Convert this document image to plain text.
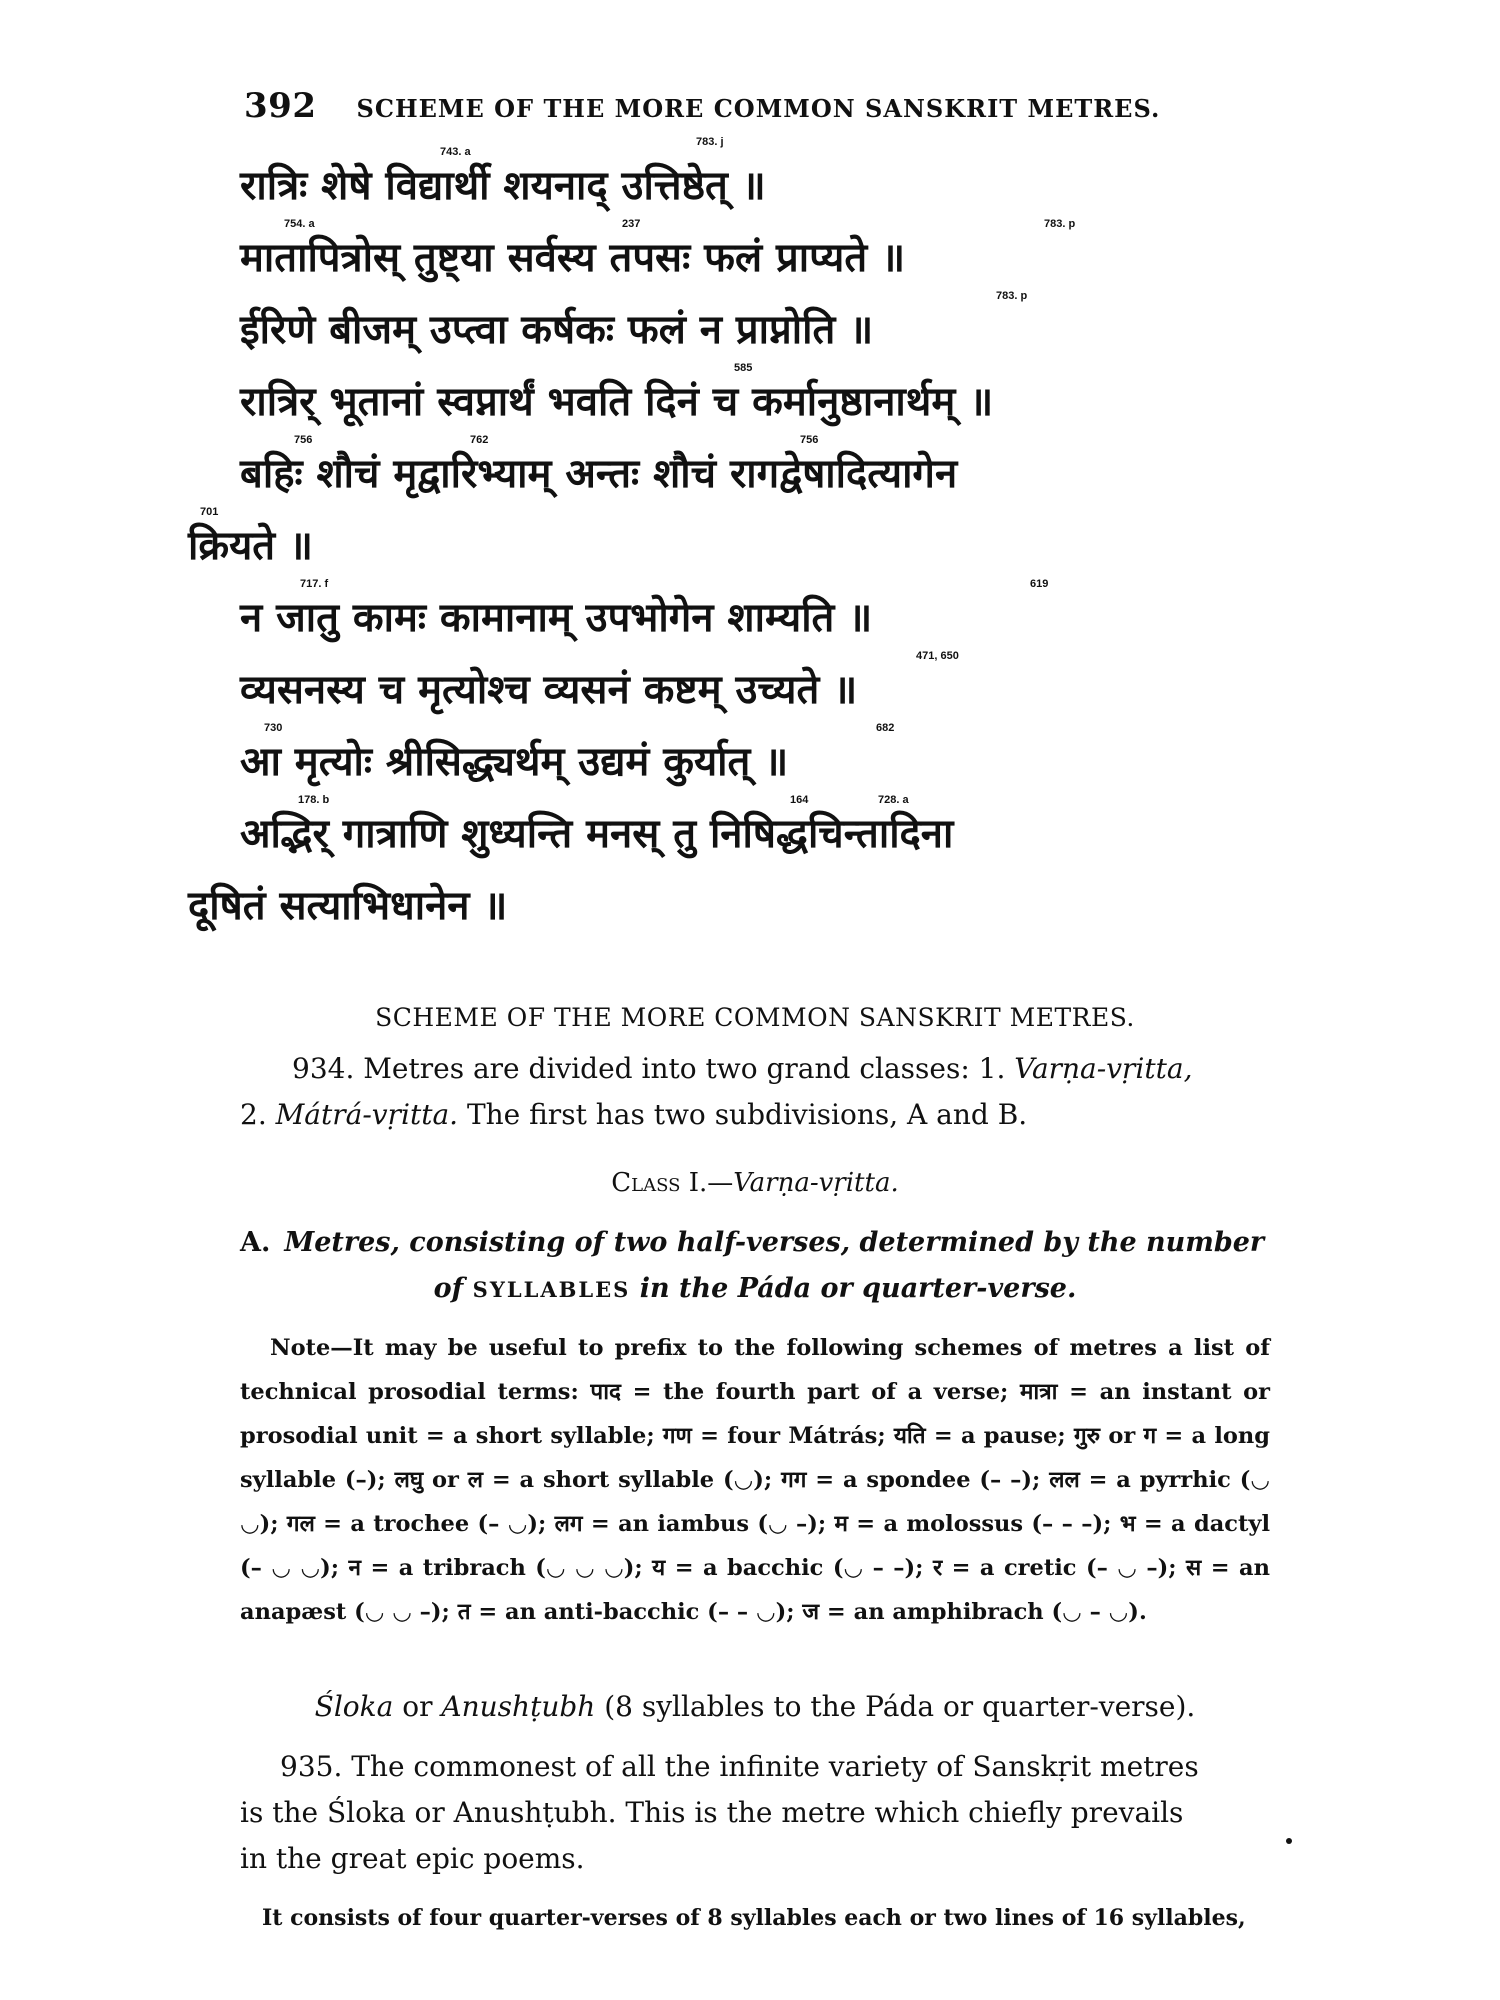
392 SCHEME OF THE MORE COMMON SANSKRIT METRES.
रात्रिः शेषे विद्यार्थी शयनाद् उत्तिष्ठेत् ॥
743. a
783. j
मातापित्रोस् तुष्ट्या सर्वस्य तपसः फलं प्राप्यते ॥
754. a	237	783. p
ईरिणे बीजम् उप्त्वा कर्षकः फलं न प्राप्नोति ॥
783. p
रात्रिर् भूतानां स्वप्नार्थं भवति दिनं च कर्मानुष्ठानार्थम् ॥
585
बहिः शौचं मृद्वारिभ्याम् अन्तः शौचं रागद्वेषादित्यागेन
756	762	756
क्रियते ॥
701
न जातु कामः कामानाम् उपभोगेन शाम्यति ॥
717. f	619
व्यसनस्य च मृत्योश्च व्यसनं कष्टम् उच्यते ॥
471, 650
आ मृत्योः श्रीसिद्ध्यर्थम् उद्यमं कुर्यात् ॥
730	682
अद्भिर् गात्राणि शुध्यन्ति मनस् तु निषिद्धचिन्तादिना
178. b	164	728. a
दूषितं सत्याभिधानेन ॥
SCHEME OF THE MORE COMMON SANSKRIT METRES.
934. Metres are divided into two grand classes: 1. Varṇa-vṛitta,
2. Mátrá-vṛitta. The first has two subdivisions, A and B.
Class I.—Varṇa-vṛitta.
A. Metres, consisting of two half-verses, determined by the number
of SYLLABLES in the Páda or quarter-verse.
Note—It may be useful to prefix to the following schemes of metres a list of technical prosodial terms: पाद = the fourth part of a verse; मात्रा = an instant or prosodial unit = a short syllable; गण = four Mátrás; यति = a pause; गुरु or ग = a long syllable (–); लघु or ल = a short syllable (◡); गग = a spondee (– –); लल = a pyrrhic (◡ ◡); गल = a trochee (– ◡); लग = an iambus (◡ –); म = a molossus (– – –); भ = a dactyl (– ◡ ◡); न = a tribrach (◡ ◡ ◡); य = a bacchic (◡ – –); र = a cretic (– ◡ –); स = an anapæst (◡ ◡ –); त = an anti-bacchic (– – ◡); ज = an amphibrach (◡ – ◡).
Śloka or Anushṭubh (8 syllables to the Páda or quarter-verse).
935. The commonest of all the infinite variety of Sanskṛit metres
is the Śloka or Anushṭubh. This is the metre which chiefly prevails
in the great epic poems.
It consists of four quarter-verses of 8 syllables each or two lines of 16 syllables,
